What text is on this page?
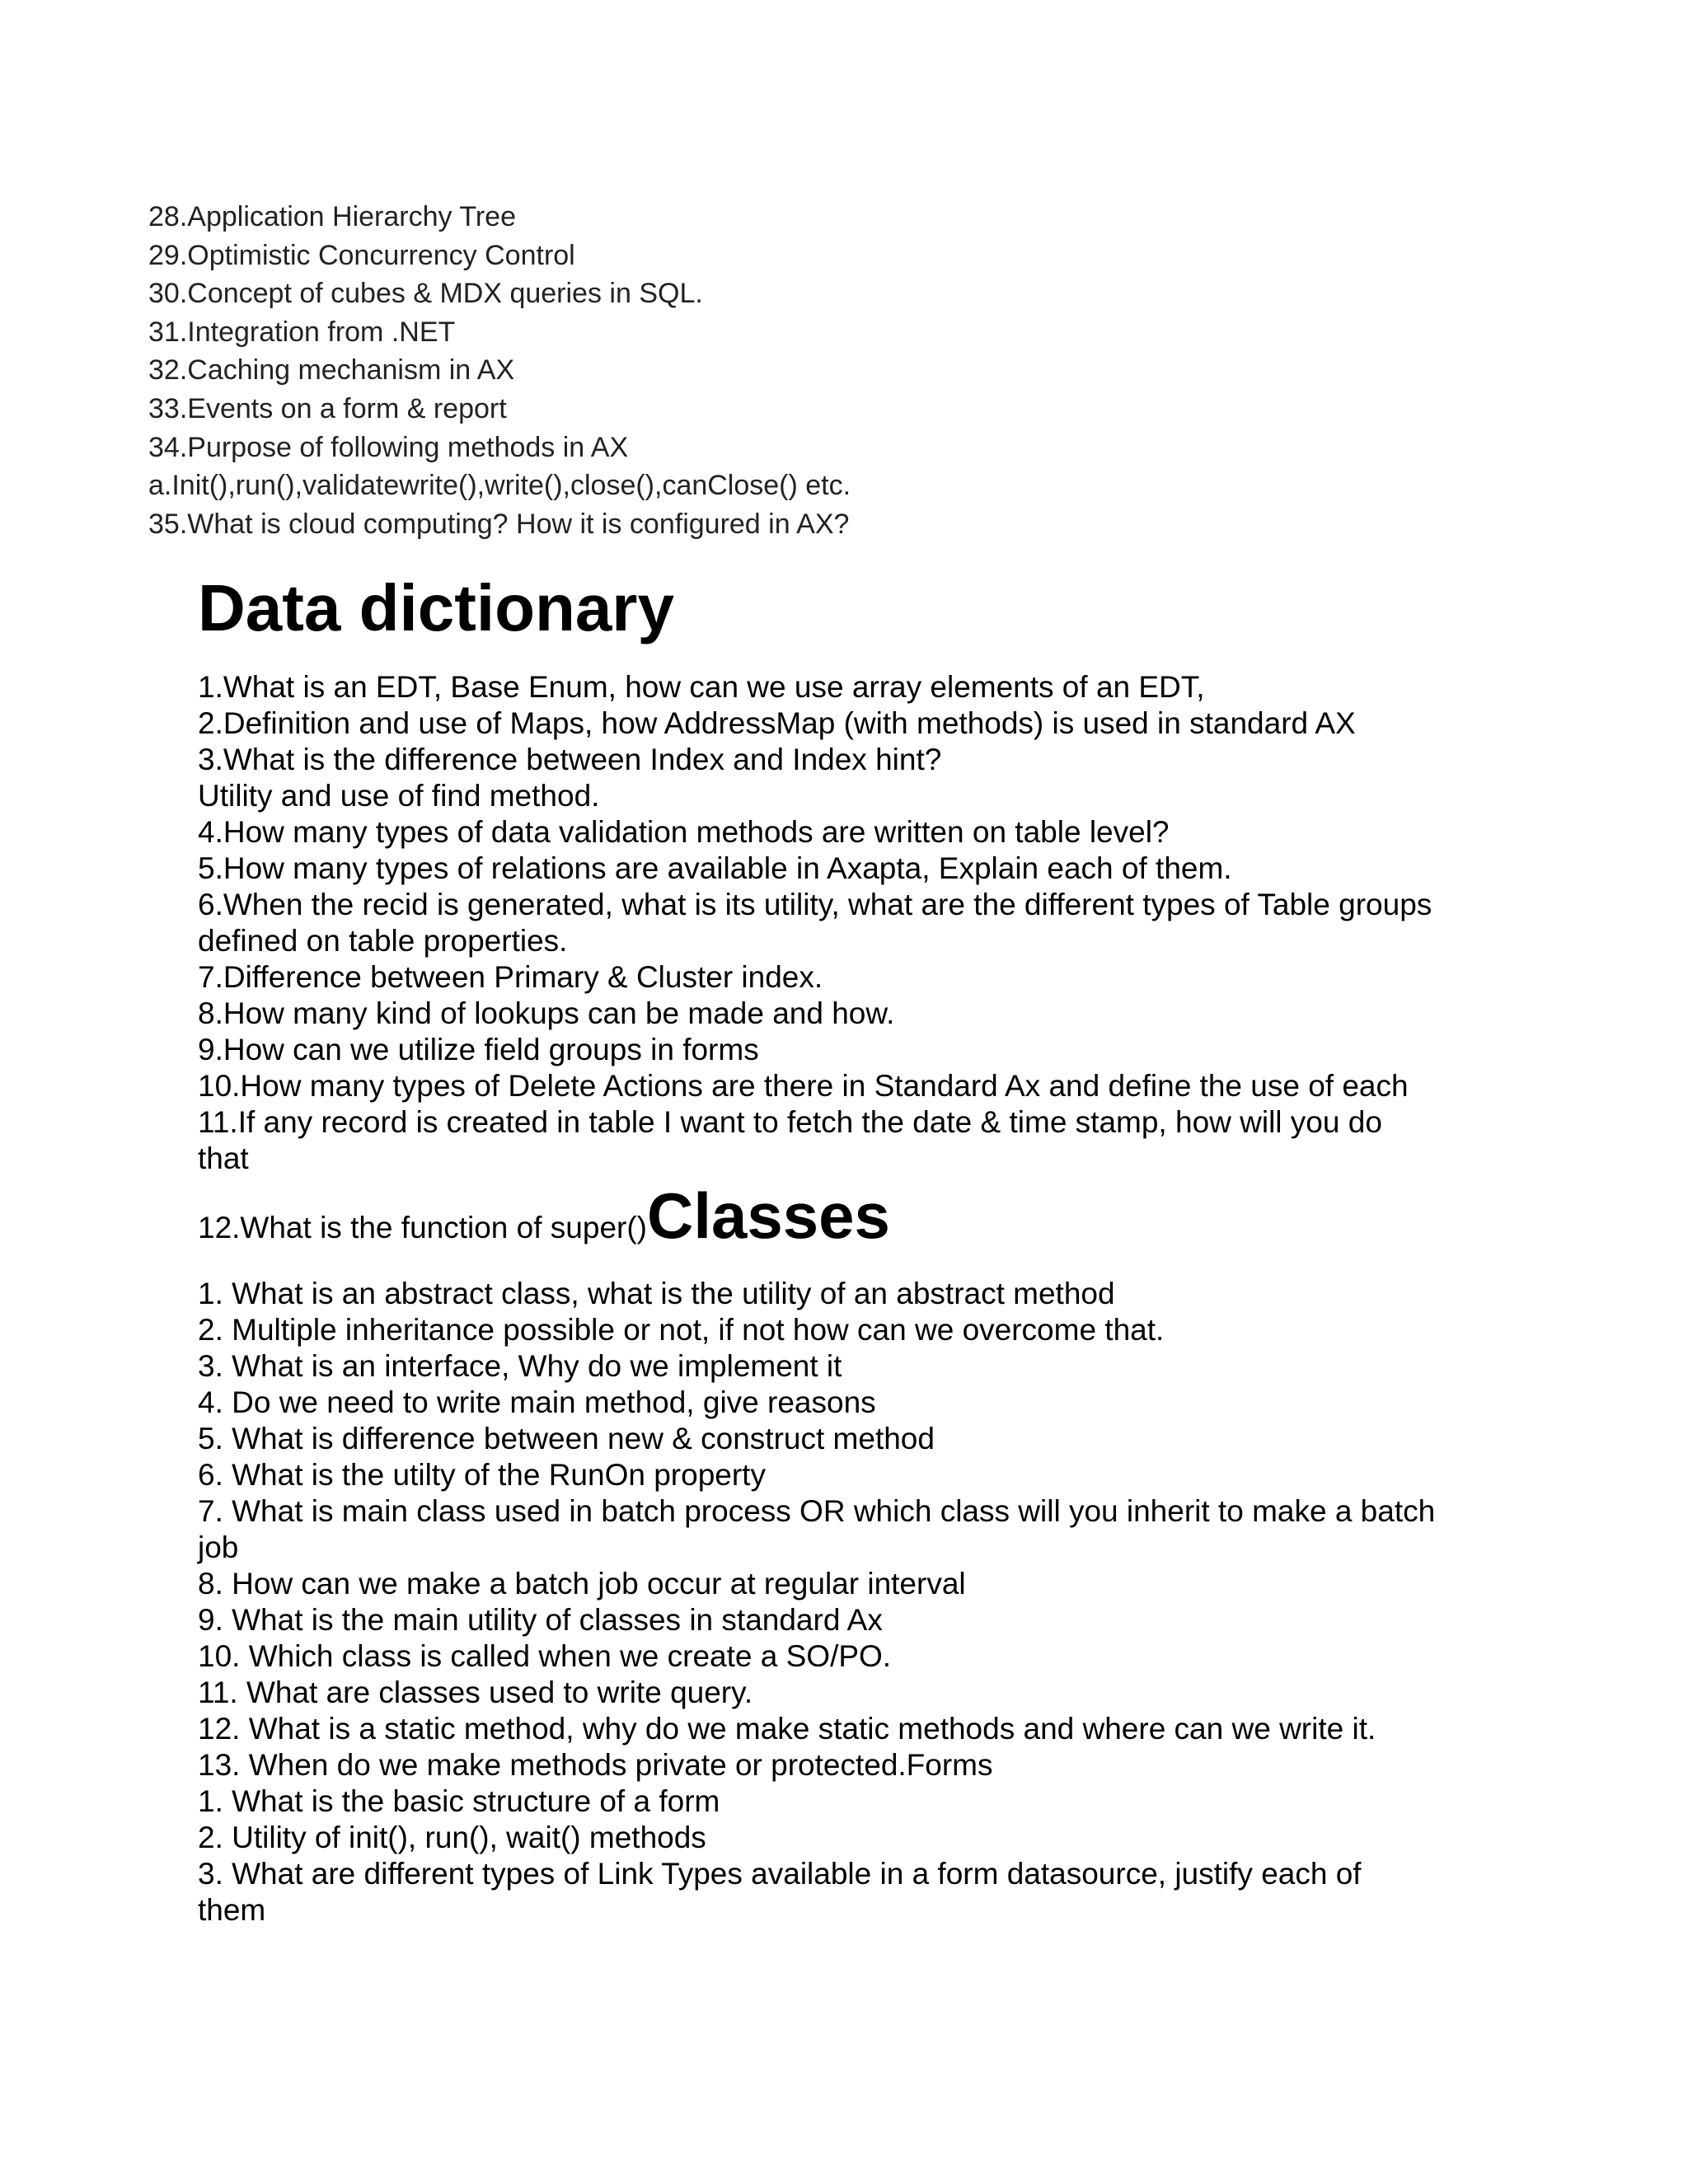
28.Application Hierarchy Tree
29.Optimistic Concurrency Control
30.Concept of cubes & MDX queries in SQL.
31.Integration from .NET
32.Caching mechanism in AX
33.Events on a form & report
34.Purpose of following methods in AX
a.Init(),run(),validatewrite(),write(),close(),canClose() etc.
35.What is cloud computing? How it is configured in AX?
Data dictionary
1.What is an EDT, Base Enum, how can we use array elements of an EDT,
2.Definition and use of Maps, how AddressMap (with methods) is used in standard AX
3.What is the difference between Index and Index hint?
Utility and use of find method.
4.How many types of data validation methods are written on table level?
5.How many types of relations are available in Axapta, Explain each of them.
6.When the recid is generated, what is its utility, what are the different types of Table groups
defined on table properties.
7.Difference between Primary & Cluster index.
8.How many kind of lookups can be made and how.
9.How can we utilize field groups in forms
10.How many types of Delete Actions are there in Standard Ax and define the use of each
11.If any record is created in table I want to fetch the date & time stamp, how will you do
that
12.What is the function of super()Classes
1. What is an abstract class, what is the utility of an abstract method
2. Multiple inheritance possible or not, if not how can we overcome that.
3. What is an interface, Why do we implement it
4. Do we need to write main method, give reasons
5. What is difference between new & construct method
6. What is the utilty of the RunOn property
7. What is main class used in batch process OR which class will you inherit to make a batch
job
8. How can we make a batch job occur at regular interval
9. What is the main utility of classes in standard Ax
10. Which class is called when we create a SO/PO.
11. What are classes used to write query.
12. What is a static method, why do we make static methods and where can we write it.
13. When do we make methods private or protected.Forms
1. What is the basic structure of a form
2. Utility of init(), run(), wait() methods
3. What are different types of Link Types available in a form datasource, justify each of
them
